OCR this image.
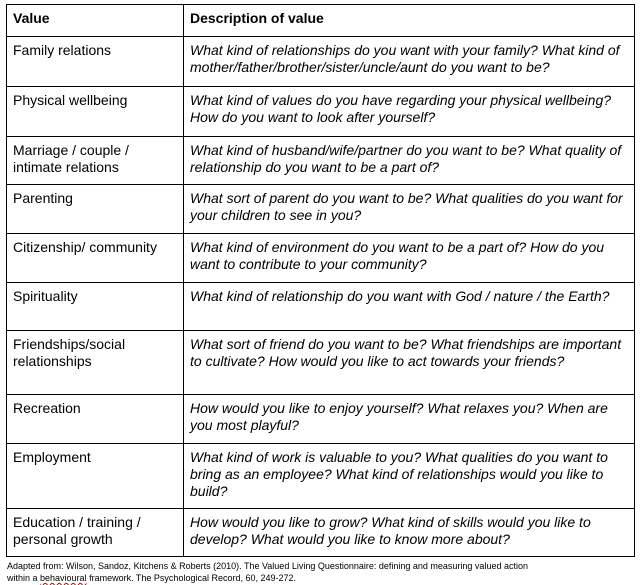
Value	Description of value
Family relations	What kind of relationships do you want with your family? What kind of mother/father/brother/sister/uncle/aunt do you want to be?
Physical wellbeing	What kind of values do you have regarding your physical wellbeing? How do you want to look after yourself?
Marriage / couple / intimate relations	What kind of husband/wife/partner do you want to be? What quality of relationship do you want to be a part of?
Parenting	What sort of parent do you want to be? What qualities do you want for your children to see in you?
Citizenship/ community	What kind of environment do you want to be a part of? How do you want to contribute to your community?
Spirituality	What kind of relationship do you want with God / nature / the Earth?
Friendships/social relationships	What sort of friend do you want to be? What friendships are important to cultivate? How would you like to act towards your friends?
Recreation	How would you like to enjoy yourself? What relaxes you? When are you most playful?
Employment	What kind of work is valuable to you? What qualities do you want to bring as an employee? What kind of relationships would you like to build?
Education / training / personal growth	How would you like to grow? What kind of skills would you like to develop? What would you like to know more about?
Adapted from: Wilson, Sandoz, Kitchens & Roberts (2010). The Valued Living Questionnaire: defining and measuring valued action
within a behavioural framework. The Psychological Record, 60, 249-272.
